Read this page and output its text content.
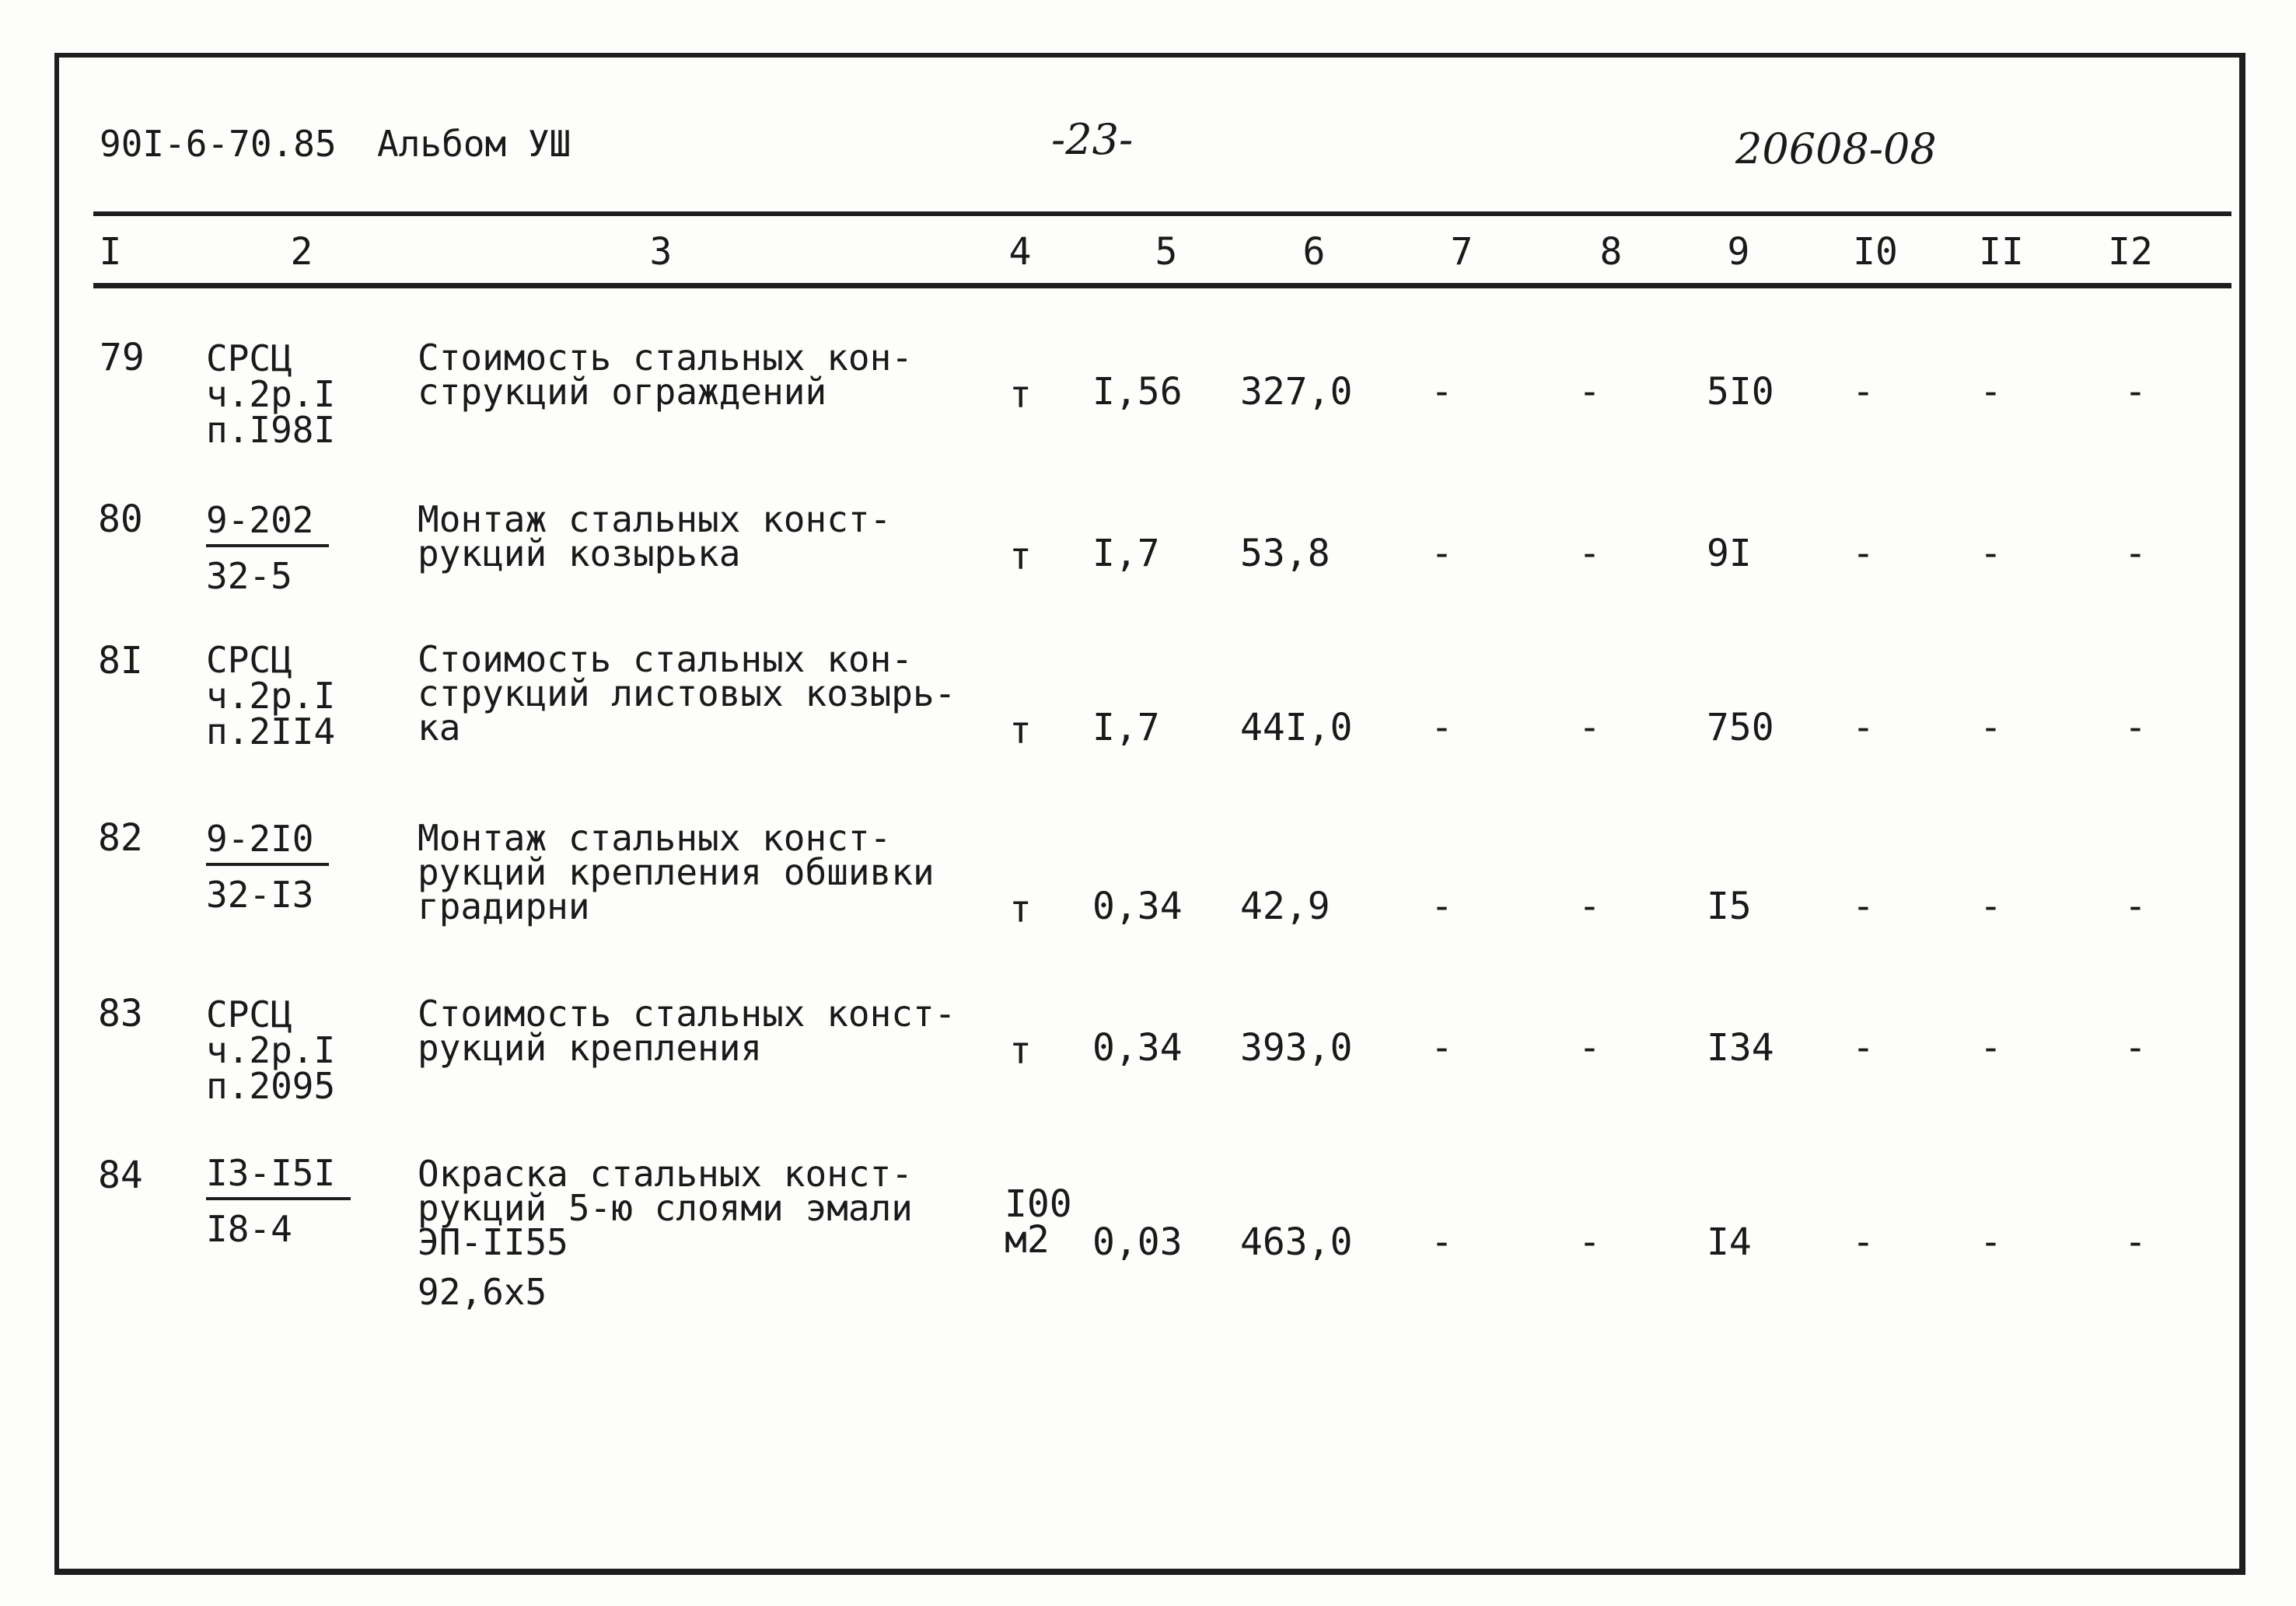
90I-6-70.85 Альбом УШ	-23-	20608-08
I	2	3	4	5	6	7	8	9	I0	II	I2
79 СРСЦ
ч.2р.I
п.I98I
Стоимость стальных кон-
струкций ограждений	т I,56 327,0 -	-	5I0 -	-	-
$80 \frac{9-202}{32-5}$ Монтаж стальных конст-
рукций козырька	т I,7 53,8	-	-	9I	-	-	-
8I СРСЦ
ч.2р.I
п.2II4
Стоимость стальных кон-
струкций листовых козырь-
ка	т I,7 44I,0 -	-	750 -	-	-
$82 \frac{9-2I0}{32-I3}$ Монтаж стальных конст-
рукций крепления обшивки
градирни	т 0,34 42,9	-	-	I5	-	-	-
83 СРСЦ
ч.2р.I
п.2095
Стоимость стальных конст-
рукций крепления	т 0,34 393,0 -	-	I34 -	-	-
$84 \frac{I3-I5I}{I8-4}$ Окраска стальных конст-
рукций 5-ю слоями эмали
ЭП-II55
92,6х5
I00
м2	0,03 463,0 -	-	I4	-	-	-
